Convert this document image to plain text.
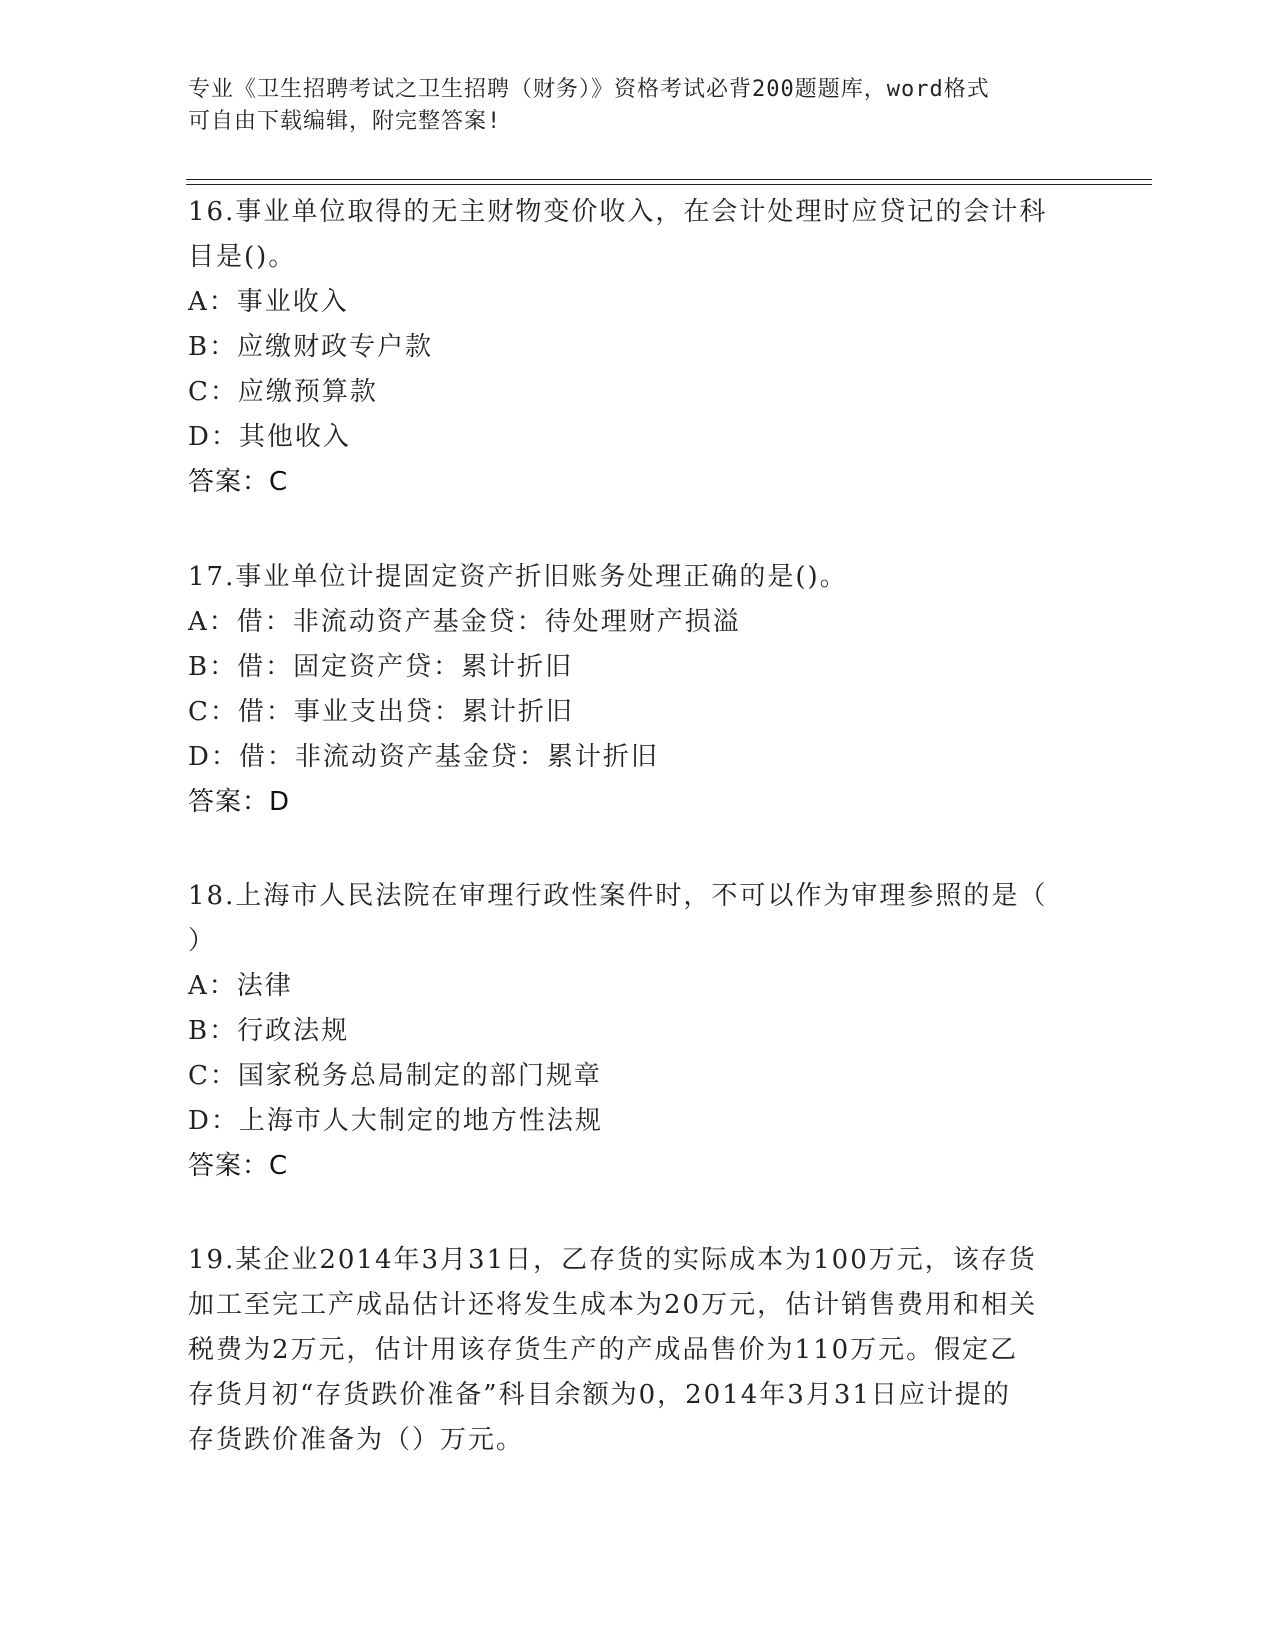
专业《卫生招聘考试之卫生招聘（财务）》资格考试必背200题题库，word格式
可自由下载编辑，附完整答案!

16.事业单位取得的无主财物变价收入，在会计处理时应贷记的会计科

目是()。

A：事业收入

B：应缴财政专户款

C：应缴预算款

D：其他收入

答案：C

17.事业单位计提固定资产折旧账务处理正确的是()。

A：借：非流动资产基金贷：待处理财产损溢

B：借：固定资产贷：累计折旧

C：借：事业支出贷：累计折旧

D：借：非流动资产基金贷：累计折旧

答案：D

18.上海市人民法院在审理行政性案件时，不可以作为审理参照的是（

）

A：法律

B：行政法规

C：国家税务总局制定的部门规章

D：上海市人大制定的地方性法规

答案：C

19.某企业2014年3月31日，乙存货的实际成本为100万元，该存货

加工至完工产成品估计还将发生成本为20万元，估计销售费用和相关

税费为2万元，估计用该存货生产的产成品售价为110万元。假定乙

存货月初“存货跌价准备”科目余额为0，2014年3月31日应计提的

存货跌价准备为（）万元。
